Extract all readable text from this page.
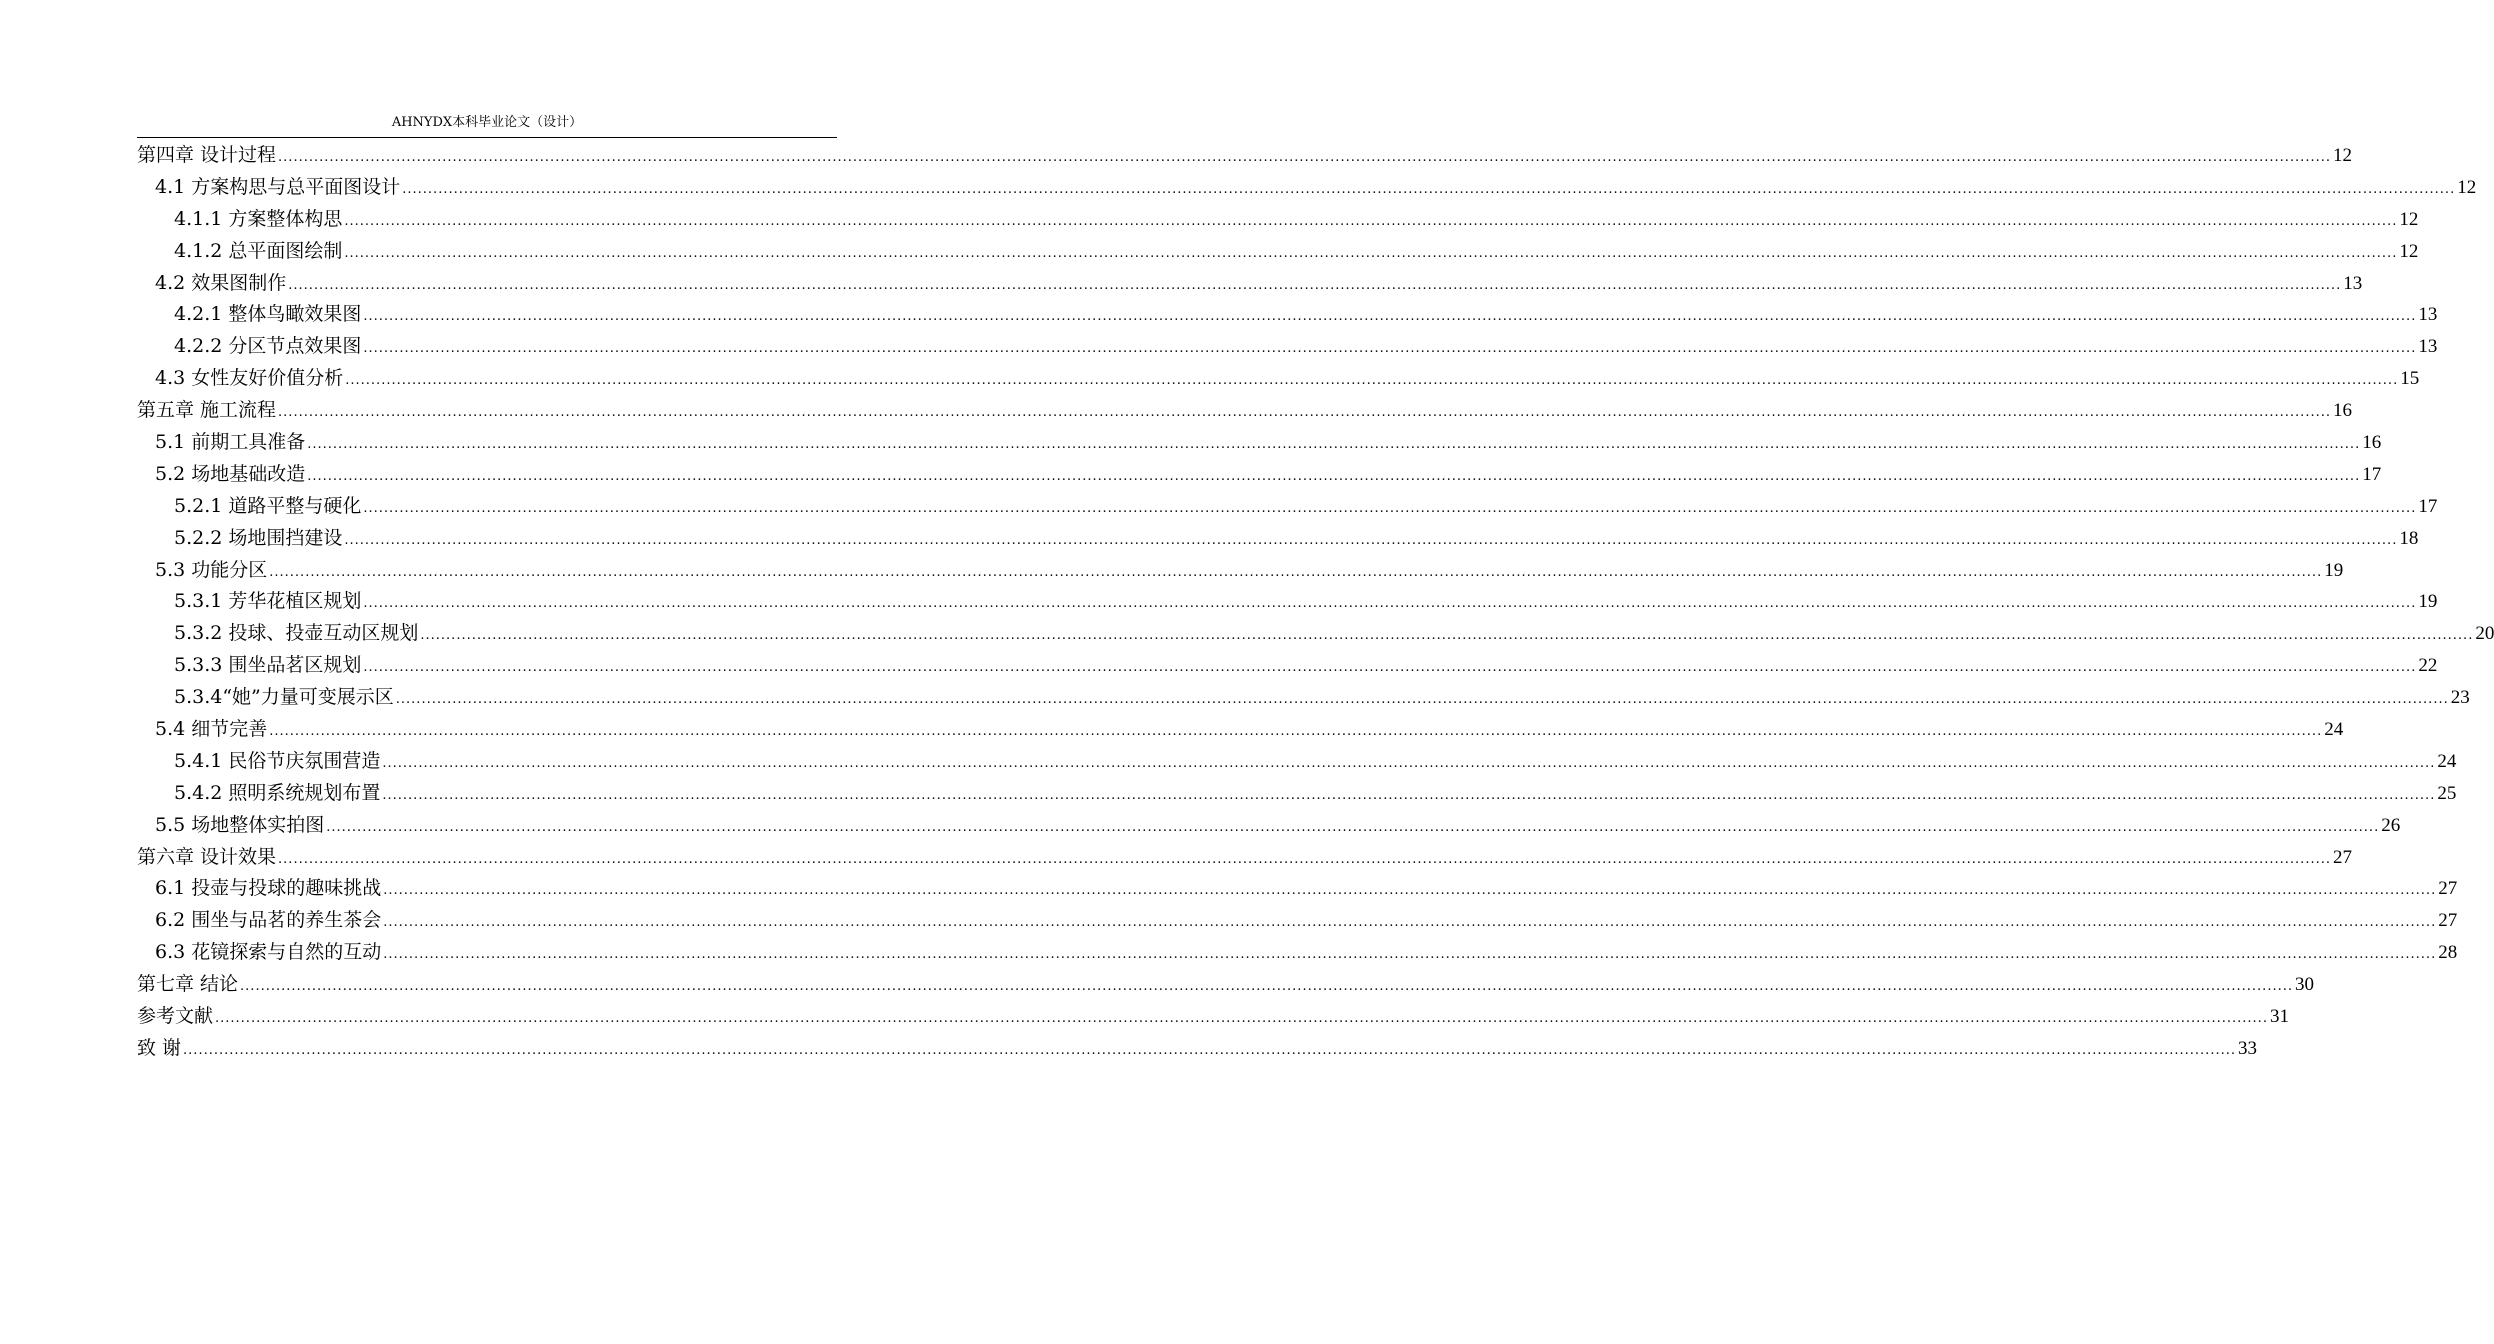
AHNYDX本科毕业论文（设计）
第四章 设计过程 ................................................................................................................................................................................................................................................................................................................................................................................................................ 12
4.1 方案构思与总平面图设计 ................................................................................................................................................................................................................................................................................................................................................................................................................ 12
4.1.1 方案整体构思 ................................................................................................................................................................................................................................................................................................................................................................................................................ 12
4.1.2 总平面图绘制 ................................................................................................................................................................................................................................................................................................................................................................................................................ 12
4.2 效果图制作 ................................................................................................................................................................................................................................................................................................................................................................................................................ 13
4.2.1 整体鸟瞰效果图 ................................................................................................................................................................................................................................................................................................................................................................................................................ 13
4.2.2 分区节点效果图 ................................................................................................................................................................................................................................................................................................................................................................................................................ 13
4.3 女性友好价值分析 ................................................................................................................................................................................................................................................................................................................................................................................................................ 15
第五章 施工流程 ................................................................................................................................................................................................................................................................................................................................................................................................................ 16
5.1 前期工具准备 ................................................................................................................................................................................................................................................................................................................................................................................................................ 16
5.2 场地基础改造 ................................................................................................................................................................................................................................................................................................................................................................................................................ 17
5.2.1 道路平整与硬化 ................................................................................................................................................................................................................................................................................................................................................................................................................ 17
5.2.2 场地围挡建设 ................................................................................................................................................................................................................................................................................................................................................................................................................ 18
5.3 功能分区 ................................................................................................................................................................................................................................................................................................................................................................................................................ 19
5.3.1 芳华花植区规划 ................................................................................................................................................................................................................................................................................................................................................................................................................ 19
5.3.2 投球、投壶互动区规划 ................................................................................................................................................................................................................................................................................................................................................................................................................ 20
5.3.3 围坐品茗区规划 ................................................................................................................................................................................................................................................................................................................................................................................................................ 22
5.3.4“她”力量可变展示区 ................................................................................................................................................................................................................................................................................................................................................................................................................ 23
5.4 细节完善 ................................................................................................................................................................................................................................................................................................................................................................................................................ 24
5.4.1 民俗节庆氛围营造 ................................................................................................................................................................................................................................................................................................................................................................................................................ 24
5.4.2 照明系统规划布置 ................................................................................................................................................................................................................................................................................................................................................................................................................ 25
5.5 场地整体实拍图 ................................................................................................................................................................................................................................................................................................................................................................................................................ 26
第六章 设计效果 ................................................................................................................................................................................................................................................................................................................................................................................................................ 27
6.1 投壶与投球的趣味挑战 ................................................................................................................................................................................................................................................................................................................................................................................................................ 27
6.2 围坐与品茗的养生茶会 ................................................................................................................................................................................................................................................................................................................................................................................................................ 27
6.3 花镜探索与自然的互动 ................................................................................................................................................................................................................................................................................................................................................................................................................ 28
第七章 结论 ................................................................................................................................................................................................................................................................................................................................................................................................................ 30
参考文献 ................................................................................................................................................................................................................................................................................................................................................................................................................ 31
致 谢 ................................................................................................................................................................................................................................................................................................................................................................................................................ 33
